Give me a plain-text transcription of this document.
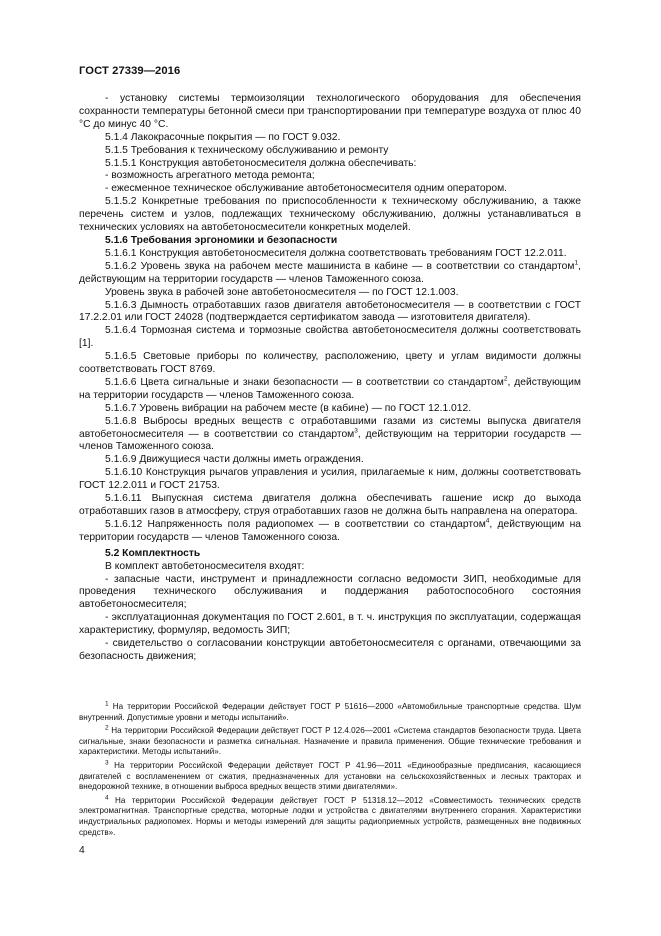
ГОСТ 27339—2016

- установку системы термоизоляции технологического оборудования для обеспечения сохранности температуры бетонной смеси при транспортировании при температуре воздуха от плюс 40 °С до минус 40 °С.

5.1.4 Лакокрасочные покрытия — по ГОСТ 9.032.

5.1.5 Требования к техническому обслуживанию и ремонту

5.1.5.1 Конструкция автобетоносмесителя должна обеспечивать:

- возможность агрегатного метода ремонта;

- ежесменное техническое обслуживание автобетоносмесителя одним оператором.

5.1.5.2 Конкретные требования по приспособленности к техническому обслуживанию, а также перечень систем и узлов, подлежащих техническому обслуживанию, должны устанавливаться в технических условиях на автобетоносмесители конкретных моделей.

5.1.6 Требования эргономики и безопасности

5.1.6.1 Конструкция автобетоносмесителя должна соответствовать требованиям ГОСТ 12.2.011.

5.1.6.2 Уровень звука на рабочем месте машиниста в кабине — в соответствии со стандартом$^1$, действующим на территории государств — членов Таможенного союза.

Уровень звука в рабочей зоне автобетоносмесителя — по ГОСТ 12.1.003.

5.1.6.3 Дымность отработавших газов двигателя автобетоносмесителя — в соответствии с ГОСТ 17.2.2.01 или ГОСТ 24028 (подтверждается сертификатом завода — изготовителя двигателя).

5.1.6.4 Тормозная система и тормозные свойства автобетоносмесителя должны соответствовать [1].

5.1.6.5 Световые приборы по количеству, расположению, цвету и углам видимости должны соответствовать ГОСТ 8769.

5.1.6.6 Цвета сигнальные и знаки безопасности — в соответствии со стандартом$^2$, действующим на территории государств — членов Таможенного союза.

5.1.6.7 Уровень вибрации на рабочем месте (в кабине) — по ГОСТ 12.1.012.

5.1.6.8 Выбросы вредных веществ с отработавшими газами из системы выпуска двигателя автобетоносмесителя — в соответствии со стандартом$^3$, действующим на территории государств — членов Таможенного союза.

5.1.6.9 Движущиеся части должны иметь ограждения.

5.1.6.10 Конструкция рычагов управления и усилия, прилагаемые к ним, должны соответствовать ГОСТ 12.2.011 и ГОСТ 21753.

5.1.6.11 Выпускная система двигателя должна обеспечивать гашение искр до выхода отработавших газов в атмосферу, струя отработавших газов не должна быть направлена на оператора.

5.1.6.12 Напряженность поля радиопомех — в соответствии со стандартом$^4$, действующим на территории государств — членов Таможенного союза.

5.2 Комплектность

В комплект автобетоносмесителя входят:

- запасные части, инструмент и принадлежности согласно ведомости ЗИП, необходимые для проведения технического обслуживания и поддержания работоспособного состояния автобетоносмесителя;

- эксплуатационная документация по ГОСТ 2.601, в т. ч. инструкция по эксплуатации, содержащая характеристику, формуляр, ведомость ЗИП;

- свидетельство о согласовании конструкции автобетоносмесителя с органами, отвечающими за безопасность движения;

$^1$ На территории Российской Федерации действует ГОСТ Р 51616—2000 «Автомобильные транспортные средства. Шум внутренний. Допустимые уровни и методы испытаний».

$^2$ На территории Российской Федерации действует ГОСТ Р 12.4.026—2001 «Система стандартов безопасности труда. Цвета сигнальные, знаки безопасности и разметка сигнальная. Назначение и правила применения. Общие технические требования и характеристики. Методы испытаний».

$^3$ На территории Российской Федерации действует ГОСТ Р 41.96—2011 «Единообразные предписания, касающиеся двигателей с воспламенением от сжатия, предназначенных для установки на сельскохозяйственных и лесных тракторах и внедорожной технике, в отношении выброса вредных веществ этими двигателями».

$^4$ На территории Российской Федерации действует ГОСТ Р 51318.12—2012 «Совместимость технических средств электромагнитная. Транспортные средства, моторные лодки и устройства с двигателями внутреннего сгорания. Характеристики индустриальных радиопомех. Нормы и методы измерений для защиты радиоприемных устройств, размещенных вне подвижных средств».

4
